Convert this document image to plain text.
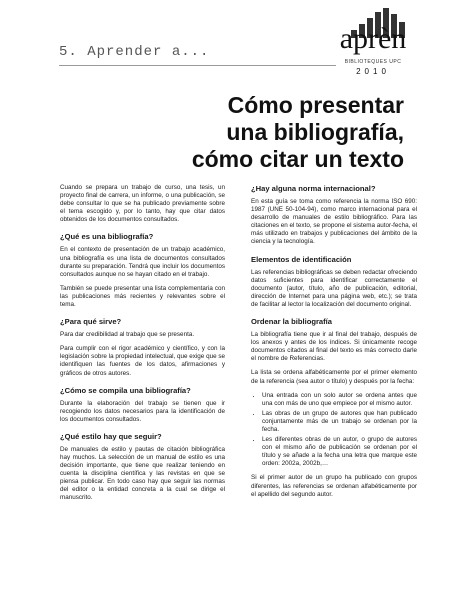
5. Aprender a...	aprèn
BIBLIOTEQUES UPC
2010
Cómo presentar
una bibliografía,
cómo citar un texto

Cuando se prepara un trabajo de curso, una tesis, un proyecto final de carrera, un informe, o una publicación, se debe consultar lo que se ha publicado previamente sobre el tema escogido y, por lo tanto, hay que citar datos obtenidos de los documentos consultados.

¿Qué es una bibliografía?

En el contexto de presentación de un trabajo académico, una bibliografía es una lista de documentos consultados durante su preparación. Tendrá que incluir los documentos consultados aunque no se hayan citado en el trabajo.

También se puede presentar una lista complementaria con las publicaciones más recientes y relevantes sobre el tema.

¿Para qué sirve?

Para dar credibilidad al trabajo que se presenta.

Para cumplir con el rigor académico y científico, y con la legislación sobre la propiedad intelectual, que exige que se identifiquen las fuentes de los datos, afirmaciones y gráficos de otros autores.

¿Cómo se compila una bibliografía?

Durante la elaboración del trabajo se tienen que ir recogiendo los datos necesarios para la identificación de los documentos consultados.

¿Qué estilo hay que seguir?

De manuales de estilo y pautas de citación bibliográfica hay muchos. La selección de un manual de estilo es una decisión importante, que tiene que realizar teniendo en cuenta la disciplina científica y las revistas en que se piensa publicar. En todo caso hay que seguir las normas del editor o la entidad concreta a la cual se dirige el manuscrito.

¿Hay alguna norma internacional?

En esta guía se toma como referencia la norma ISO 690: 1987 (UNE 50-104-94), como marco internacional para el desarrollo de manuales de estilo bibliográfico. Para las citaciones en el texto, se propone el sistema autor-fecha, el más utilizado en trabajos y publicaciones del ámbito de la ciencia y la tecnología.

Elementos de identificación

Las referencias bibliográficas se deben redactar ofreciendo datos suficientes para identificar correctamente el documento (autor, título, año de publicación, editorial, dirección de Internet para una página web, etc.); se trata de facilitar al lector la localización del documento original.

Ordenar la bibliografía

La bibliografía tiene que ir al final del trabajo, después de los anexos y antes de los índices. Si únicamente recoge documentos citados al final del texto es más correcto darle el nombre de Referencias.

La lista se ordena alfabéticamente por el primer elemento de la referencia (sea autor o título) y después por la fecha:

• Una entrada con un solo autor se ordena antes que una con más de uno que empiece por el mismo autor.
• Las obras de un grupo de autores que han publicado conjuntamente más de un trabajo se ordenan por la fecha.
• Les diferentes obras de un autor, o grupo de autores con el mismo año de publicación se ordenan por el título y se añade a la fecha una letra que marque este orden: 2002a, 2002b,…

Si el primer autor de un grupo ha publicado con grupos diferentes, las referencias se ordenan alfabéticamente por el apellido del segundo autor.
